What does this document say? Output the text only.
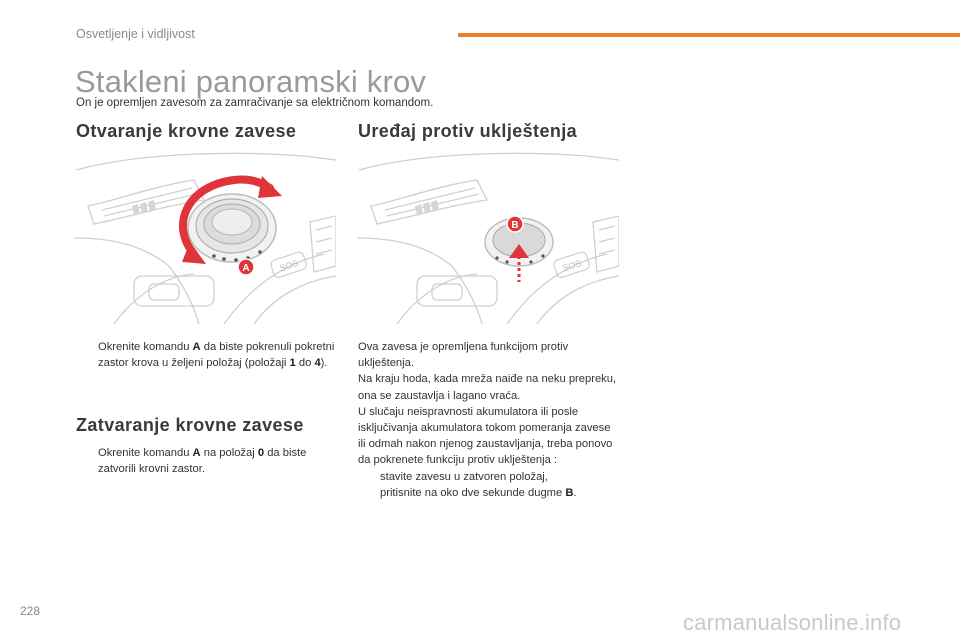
Osvetljenje i vidljivost
Stakleni panoramski krov
On je opremljen zavesom za zamračivanje sa električnom komandom.
Otvaranje krovne zavese	Uređaj protiv uklještenja
SOS
A	SOS
B
Okrenite komandu A da biste pokrenuli pokretni zastor krova u željeni položaj (položaji 1 do 4).
Zatvaranje krovne zavese
Okrenite komandu A na položaj 0 da biste zatvorili krovni zastor.
Ova zavesa je opremljena funkcijom protiv uklještenja.
Na kraju hoda, kada mreža naiđe na neku prepreku, ona se zaustavlja i lagano vraća.
U slučaju neispravnosti akumulatora ili posle isključivanja akumulatora tokom pomeranja zavese ili odmah nakon njenog zaustavljanja, treba ponovo da pokrenete funkciju protiv uklještenja :
stavite zavesu u zatvoren položaj,
pritisnite na oko dve sekunde dugme B.
228	carmanualsonline.info
